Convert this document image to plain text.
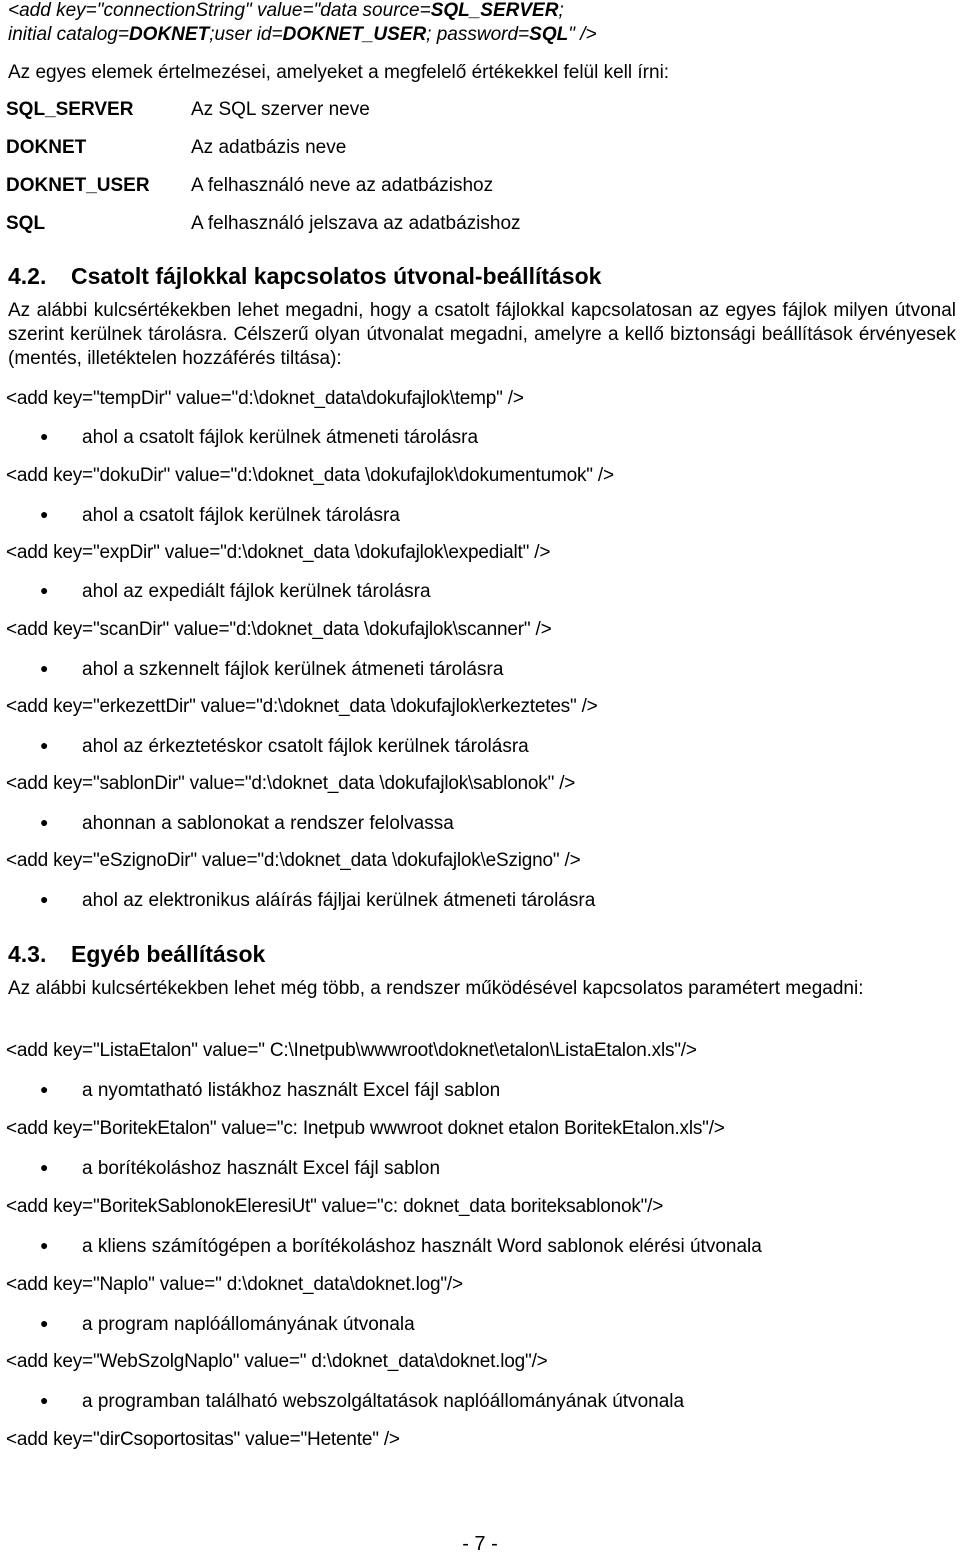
<add key="connectionString" value="data source=SQL_SERVER;
initial catalog=DOKNET;user id=DOKNET_USER; password=SQL" />
Az egyes elemek értelmezései, amelyeket a megfelelő értékekkel felül kell írni:
SQL_SERVER	Az SQL szerver neve
DOKNET	Az adatbázis neve
DOKNET_USER A felhasználó neve az adatbázishoz
SQL	A felhasználó jelszava az adatbázishoz
4.2. Csatolt fájlokkal kapcsolatos útvonal-beállítások
Az alábbi kulcsértékekben lehet megadni, hogy a csatolt fájlokkal kapcsolatosan az egyes fájlok milyen útvonal szerint kerülnek tárolásra. Célszerű olyan útvonalat megadni, amelyre a kellő biztonsági beállítások érvényesek (mentés, illetéktelen hozzáférés tiltása):
<add key="tempDir" value="d:\doknet_data\dokufajlok\temp" />
● ahol a csatolt fájlok kerülnek átmeneti tárolásra
<add key="dokuDir" value="d:\doknet_data \dokufajlok\dokumentumok" />
● ahol a csatolt fájlok kerülnek tárolásra
<add key="expDir" value="d:\doknet_data \dokufajlok\expedialt" />
● ahol az expediált fájlok kerülnek tárolásra
<add key="scanDir" value="d:\doknet_data \dokufajlok\scanner" />
● ahol a szkennelt fájlok kerülnek átmeneti tárolásra
<add key="erkezettDir" value="d:\doknet_data \dokufajlok\erkeztetes" />
● ahol az érkeztetéskor csatolt fájlok kerülnek tárolásra
<add key="sablonDir" value="d:\doknet_data \dokufajlok\sablonok" />
● ahonnan a sablonokat a rendszer felolvassa
<add key="eSzignoDir" value="d:\doknet_data \dokufajlok\eSzigno" />
● ahol az elektronikus aláírás fájljai kerülnek átmeneti tárolásra
4.3. Egyéb beállítások
Az alábbi kulcsértékekben lehet még több, a rendszer működésével kapcsolatos paramétert megadni:
<add key="ListaEtalon" value=" C:\Inetpub\wwwroot\doknet\etalon\ListaEtalon.xls"/>
● a nyomtatható listákhoz használt Excel fájl sablon
<add key="BoritekEtalon" value="c: Inetpub wwwroot doknet etalon BoritekEtalon.xls"/>
● a borítékoláshoz használt Excel fájl sablon
<add key="BoritekSablonokEleresiUt" value="c: doknet_data boriteksablonok"/>
● a kliens számítógépen a borítékoláshoz használt Word sablonok elérési útvonala
<add key="Naplo" value=" d:\doknet_data\doknet.log"/>
● a program naplóállományának útvonala
<add key="WebSzolgNaplo" value=" d:\doknet_data\doknet.log"/>
● a programban található webszolgáltatások naplóállományának útvonala
<add key="dirCsoportositas" value="Hetente" />
- 7 -
